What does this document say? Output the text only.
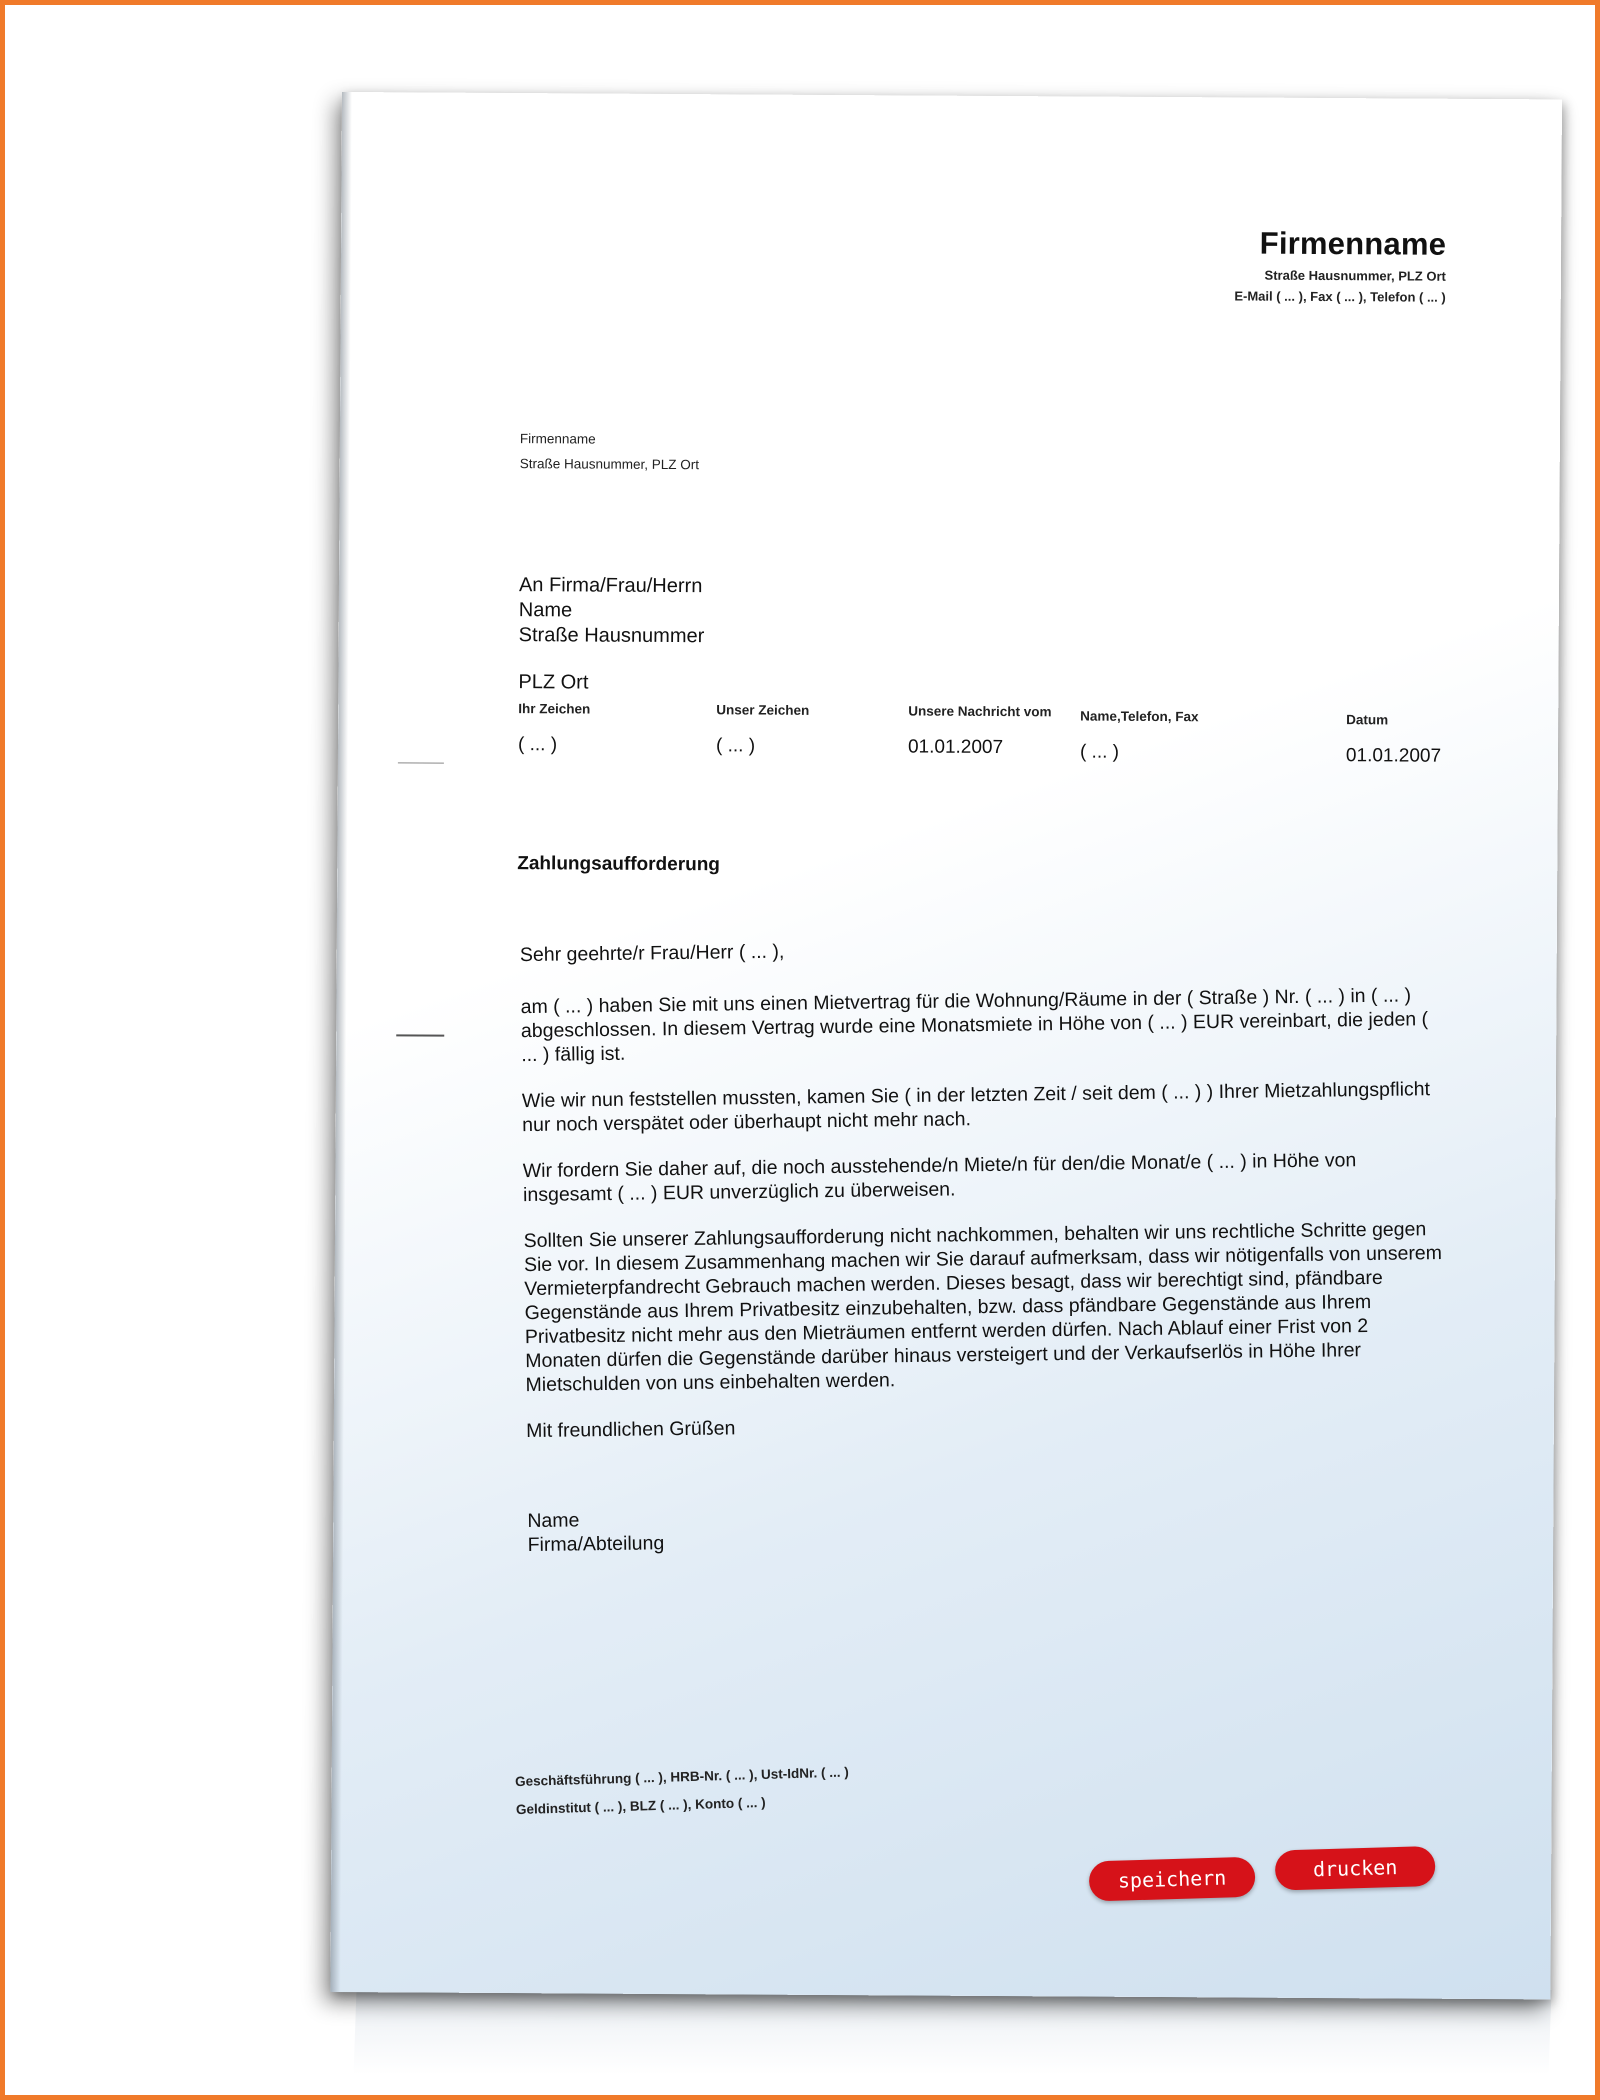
Firmenname
Straße Hausnummer, PLZ Ort
E-Mail ( ... ), Fax ( ... ), Telefon ( ... )
Firmenname
Straße Hausnummer, PLZ Ort
An Firma/Frau/Herrn
Name
Straße Hausnummer
PLZ Ort
Ihr Zeichen
( ... )
Unser Zeichen
( ... )
Unsere Nachricht vom
01.01.2007
Name,Telefon, Fax
( ... )
Datum
01.01.2007
Zahlungsaufforderung

Sehr geehrte/r Frau/Herr ( ... ),

am ( ... ) haben Sie mit uns einen Mietvertrag für die Wohnung/Räume in der ( Straße ) Nr. ( ... ) in ( ... ) abgeschlossen. In diesem Vertrag wurde eine Monatsmiete in Höhe von ( ... ) EUR vereinbart, die jeden ( ... ) fällig ist.

Wie wir nun feststellen mussten, kamen Sie ( in der letzten Zeit / seit dem ( ... ) ) Ihrer Mietzahlungspflicht nur noch verspätet oder überhaupt nicht mehr nach.

Wir fordern Sie daher auf, die noch ausstehende/n Miete/n für den/die Monat/e ( ... ) in Höhe von insgesamt ( ... ) EUR unverzüglich zu überweisen.

Sollten Sie unserer Zahlungsaufforderung nicht nachkommen, behalten wir uns rechtliche Schritte gegen Sie vor. In diesem Zusammenhang machen wir Sie darauf aufmerksam, dass wir nötigenfalls von unserem Vermieterpfandrecht Gebrauch machen werden. Dieses besagt, dass wir berechtigt sind, pfändbare Gegenstände aus Ihrem Privatbesitz einzubehalten, bzw. dass pfändbare Gegenstände aus Ihrem Privatbesitz nicht mehr aus den Mieträumen entfernt werden dürfen. Nach Ablauf einer Frist von 2 Monaten dürfen die Gegenstände darüber hinaus versteigert und der Verkaufserlös in Höhe Ihrer Mietschulden von uns einbehalten werden.

Mit freundlichen Grüßen

Name
Firma/Abteilung
Geschäftsführung ( ... ), HRB-Nr. ( ... ), Ust-IdNr. ( ... )
Geldinstitut ( ... ), BLZ ( ... ), Konto ( ... )
speichern	drucken
